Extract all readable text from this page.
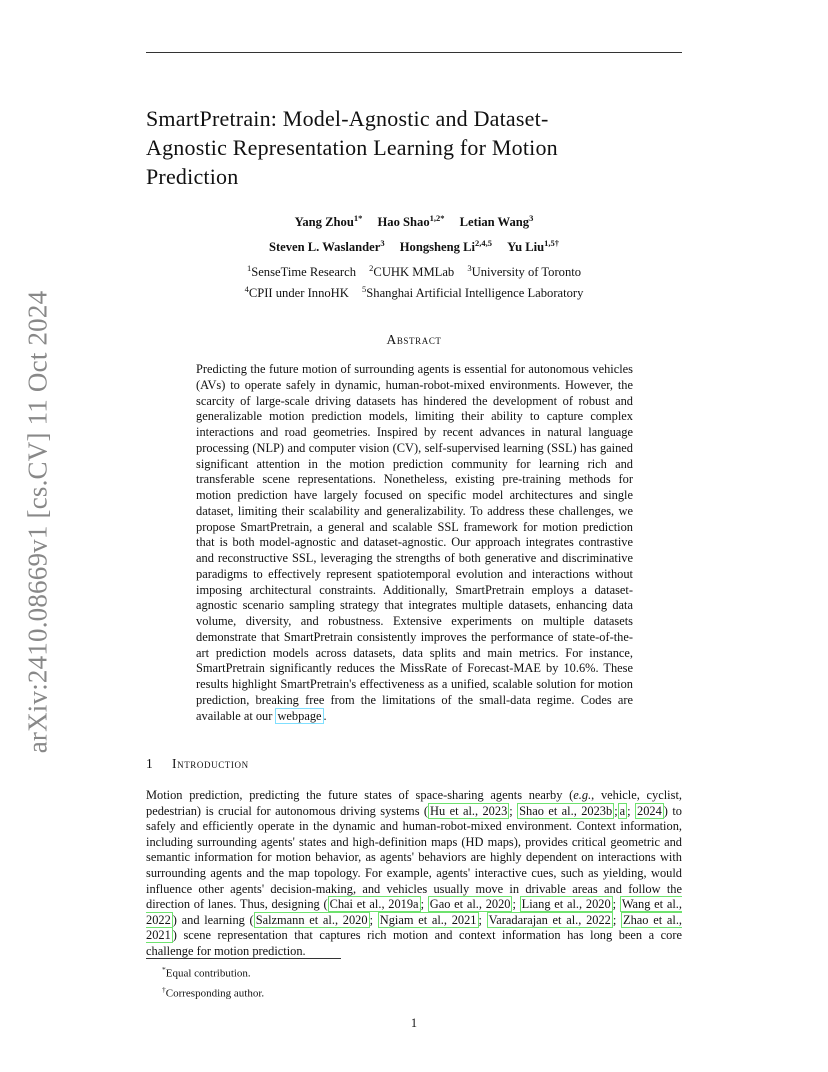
arXiv:2410.08669v1 [cs.CV] 11 Oct 2024
SmartPretrain: Model-Agnostic and Dataset-
Agnostic Representation Learning for Motion
Prediction
Yang Zhou$^{1*}$ Hao Shao$^{1,2*}$ Letian Wang$^3$
Steven L. Waslander$^3$ Hongsheng Li$^{2,4,5}$ Yu Liu$^{1,5\dagger}$
$^1$SenseTime Research $^2$CUHK MMLab $^3$University of Toronto
$^4$CPII under InnoHK $^5$Shanghai Artificial Intelligence Laboratory
Abstract

Predicting the future motion of surrounding agents is essential for autonomous vehicles (AVs) to operate safely in dynamic, human-robot-mixed environments. However, the scarcity of large-scale driving datasets has hindered the development of robust and generalizable motion prediction models, limiting their ability to capture complex interactions and road geometries. Inspired by recent advances in natural language processing (NLP) and computer vision (CV), self-supervised learning (SSL) has gained significant attention in the motion prediction community for learning rich and transferable scene representations. Nonetheless, existing pre-training methods for motion prediction have largely focused on specific model architectures and single dataset, limiting their scalability and generalizability. To address these challenges, we propose SmartPretrain, a general and scalable SSL framework for motion prediction that is both model-agnostic and dataset-agnostic. Our approach integrates contrastive and reconstructive SSL, leveraging the strengths of both generative and discriminative paradigms to effectively represent spatiotemporal evolution and interactions without imposing architectural constraints. Additionally, SmartPretrain employs a dataset-agnostic scenario sampling strategy that integrates multiple datasets, enhancing data volume, diversity, and robustness. Extensive experiments on multiple datasets demonstrate that SmartPretrain consistently improves the performance of state-of-the-art prediction models across datasets, data splits and main metrics. For instance, SmartPretrain significantly reduces the MissRate of Forecast-MAE by 10.6%. These results highlight SmartPretrain's effectiveness as a unified, scalable solution for motion prediction, breaking free from the limitations of the small-data regime. Codes are available at our webpage .

1 Introduction

Motion prediction, predicting the future states of space-sharing agents nearby (e.g., vehicle, cyclist, pedestrian) is crucial for autonomous driving systems ( Hu et al., 2023 ; Shao et al., 2023b ; a ; 2024 ) to safely and efficiently operate in the dynamic and human-robot-mixed environment. Context information, including surrounding agents' states and high-definition maps (HD maps), provides critical geometric and semantic information for motion behavior, as agents' behaviors are highly dependent on interactions with surrounding agents and the map topology. For example, agents' interactive cues, such as yielding, would influence other agents' decision-making, and vehicles usually move in drivable areas and follow the direction of lanes. Thus, designing ( Chai et al., 2019a ; Gao et al., 2020 ; Liang et al., 2020 ; Wang et al., 2022 ) and learning ( Salzmann et al., 2020 ; Ngiam et al., 2021 ; Varadarajan et al., 2022 ; Zhao et al., 2021 ) scene representation that captures rich motion and context information has long been a core challenge for motion prediction.

*Equal contribution.
†Corresponding author.
1
